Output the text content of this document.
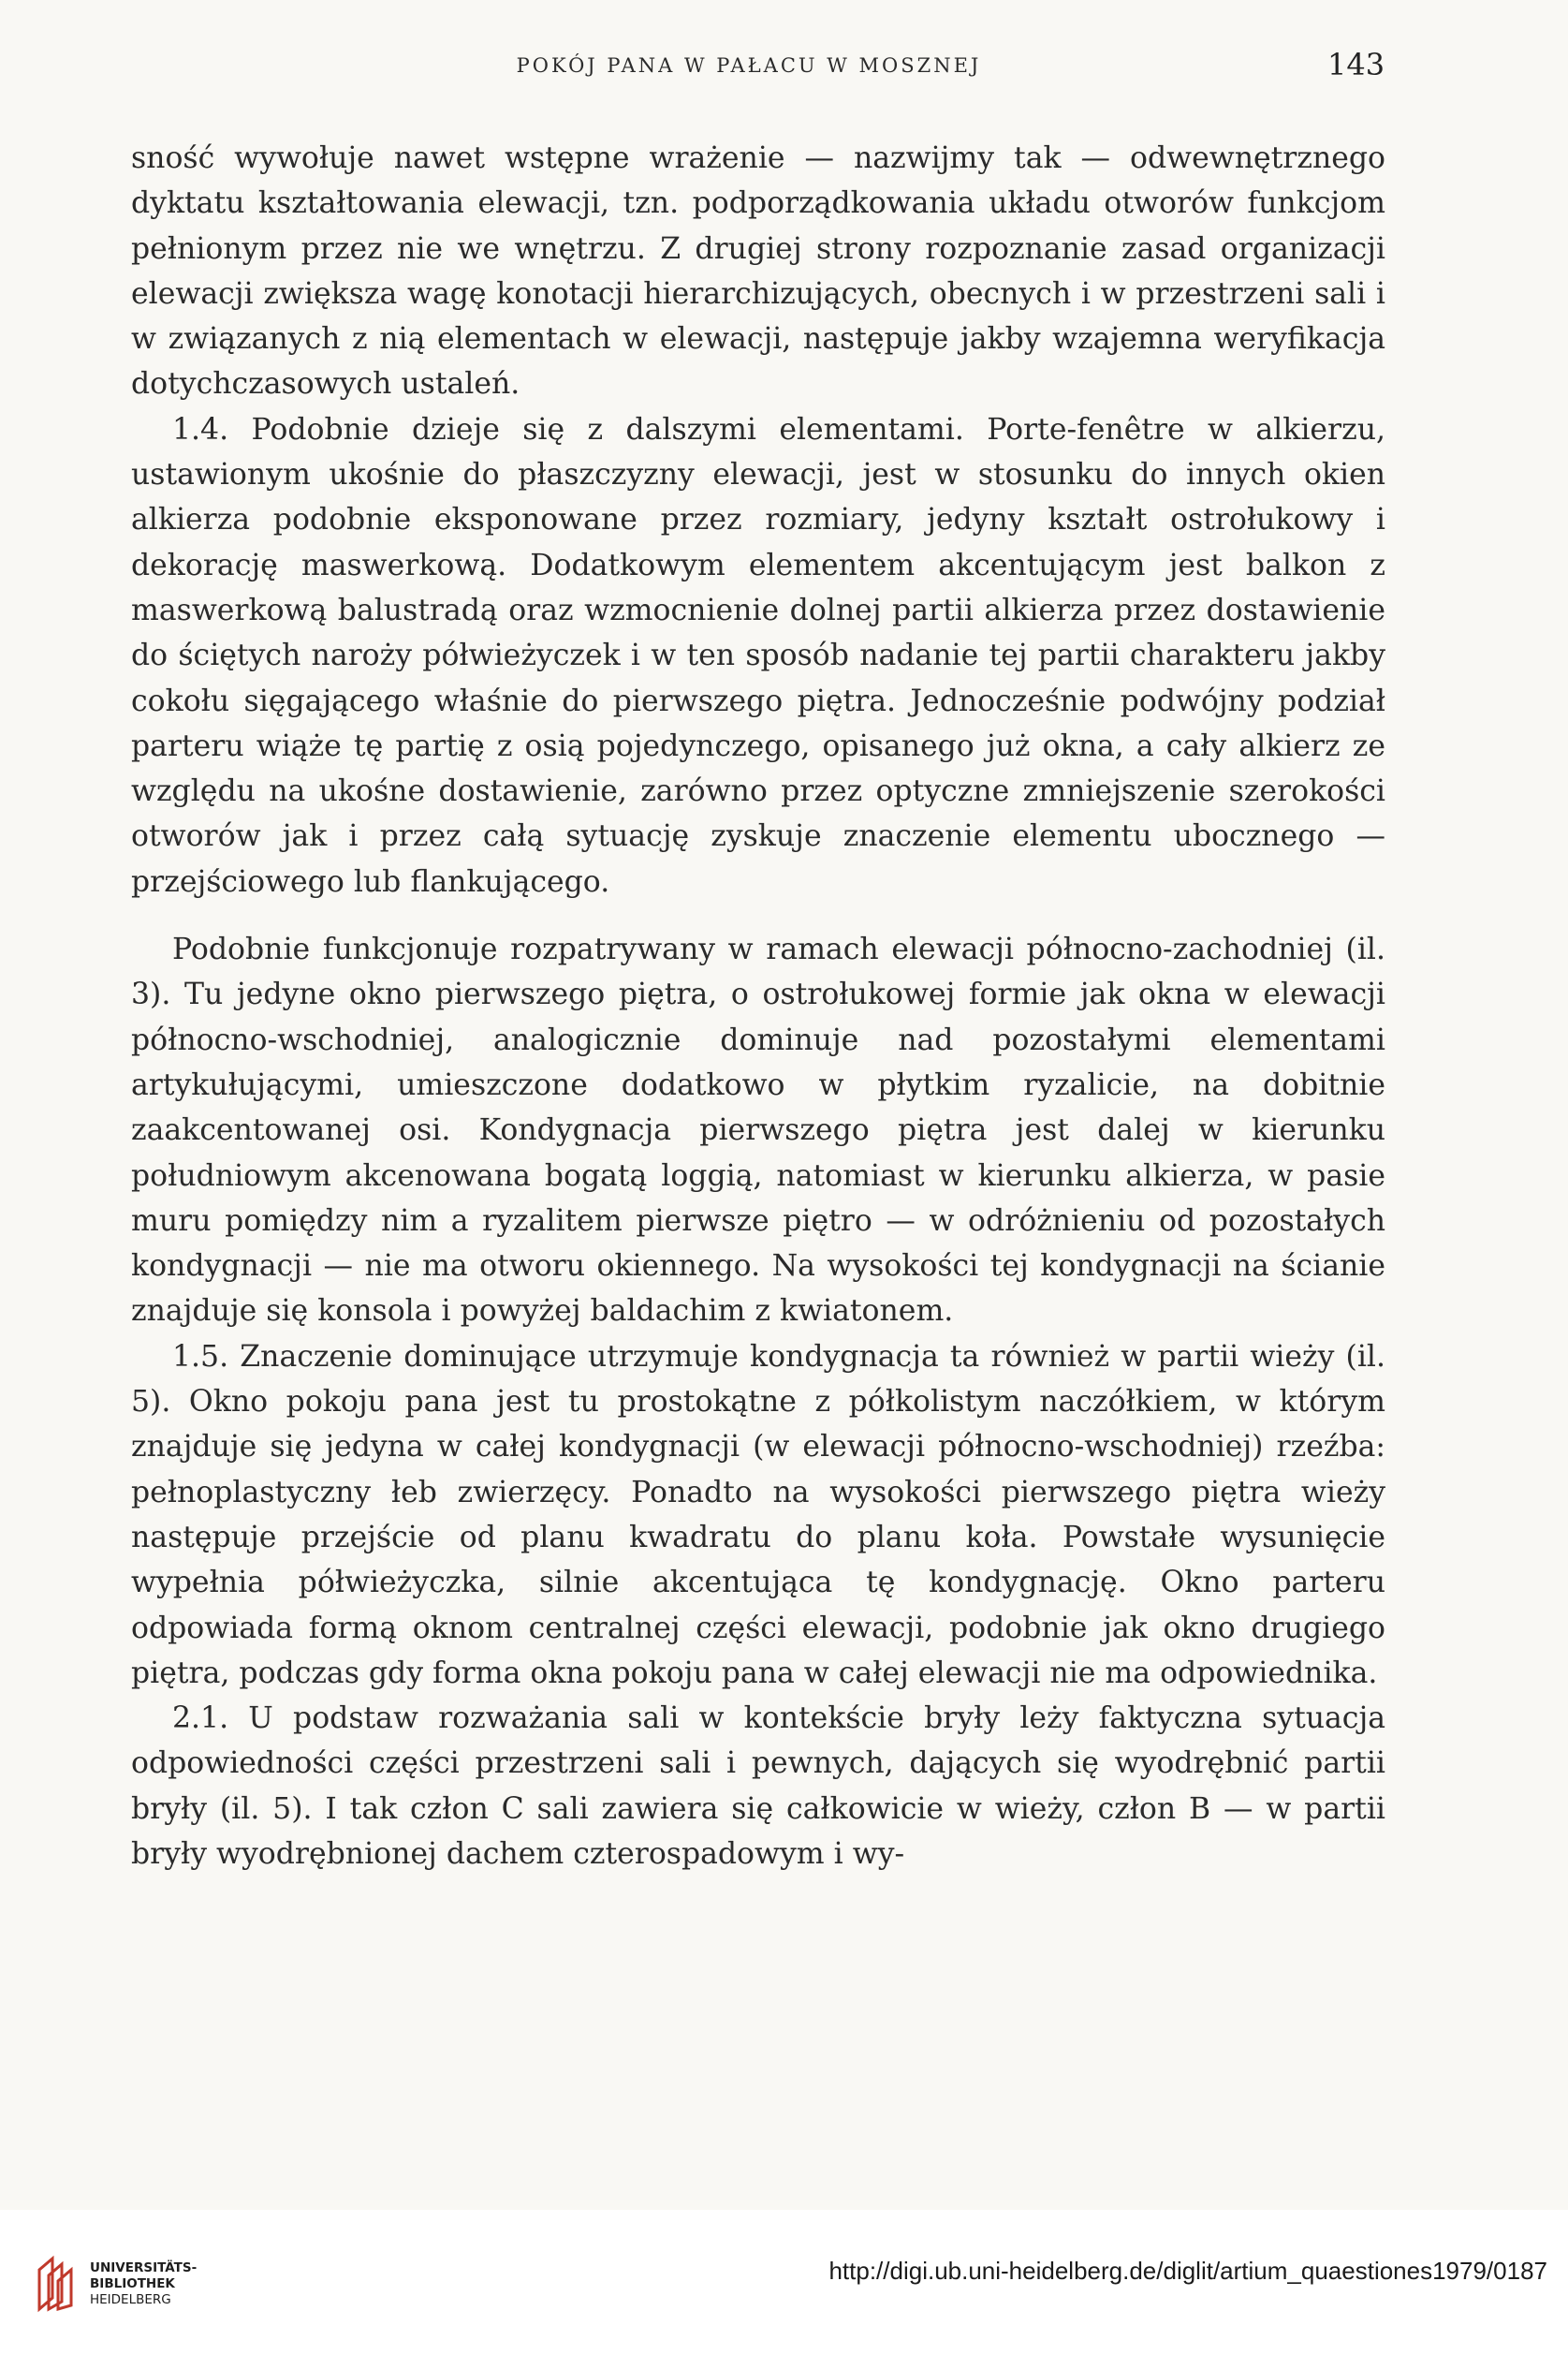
POKÓJ PANA W PAŁACU W MOSZNEJ	143

sność wywołuje nawet wstępne wrażenie — nazwijmy tak — odwewnętrznego dyktatu kształtowania elewacji, tzn. podporządkowania układu otworów funkcjom pełnionym przez nie we wnętrzu. Z drugiej strony rozpoznanie zasad organizacji elewacji zwiększa wagę konotacji hierarchizujących, obecnych i w przestrzeni sali i w związanych z nią elementach w elewacji, następuje jakby wzajemna weryfikacja dotychczasowych ustaleń.

1.4. Podobnie dzieje się z dalszymi elementami. Porte-fenêtre w alkierzu, ustawionym ukośnie do płaszczyzny elewacji, jest w stosunku do innych okien alkierza podobnie eksponowane przez rozmiary, jedyny kształt ostrołukowy i dekorację maswerkową. Dodatkowym elementem akcentującym jest balkon z maswerkową balustradą oraz wzmocnienie dolnej partii alkierza przez dostawienie do ściętych naroży półwieżyczek i w ten sposób nadanie tej partii charakteru jakby cokołu sięgającego właśnie do pierwszego piętra. Jednocześnie podwójny podział parteru wiąże tę partię z osią pojedynczego, opisanego już okna, a cały alkierz ze względu na ukośne dostawienie, zarówno przez optyczne zmniejszenie szerokości otworów jak i przez całą sytuację zyskuje znaczenie elementu ubocznego — przejściowego lub flankującego.

Podobnie funkcjonuje rozpatrywany w ramach elewacji północno-zachodniej (il. 3). Tu jedyne okno pierwszego piętra, o ostrołukowej formie jak okna w elewacji północno-wschodniej, analogicznie dominuje nad pozostałymi elementami artykułującymi, umieszczone dodatkowo w płytkim ryzalicie, na dobitnie zaakcentowanej osi. Kondygnacja pierwszego piętra jest dalej w kierunku południowym akcenowana bogatą loggią, natomiast w kierunku alkierza, w pasie muru pomiędzy nim a ryzalitem pierwsze piętro — w odróżnieniu od pozostałych kondygnacji — nie ma otworu okiennego. Na wysokości tej kondygnacji na ścianie znajduje się konsola i powyżej baldachim z kwiatonem.

1.5. Znaczenie dominujące utrzymuje kondygnacja ta również w partii wieży (il. 5). Okno pokoju pana jest tu prostokątne z półkolistym naczółkiem, w którym znajduje się jedyna w całej kondygnacji (w elewacji północno-wschodniej) rzeźba: pełnoplastyczny łeb zwierzęcy. Ponadto na wysokości pierwszego piętra wieży następuje przejście od planu kwadratu do planu koła. Powstałe wysunięcie wypełnia półwieżyczka, silnie akcentująca tę kondygnację. Okno parteru odpowiada formą oknom centralnej części elewacji, podobnie jak okno drugiego piętra, podczas gdy forma okna pokoju pana w całej elewacji nie ma odpowiednika.

2.1. U podstaw rozważania sali w kontekście bryły leży faktyczna sytuacja odpowiedności części przestrzeni sali i pewnych, dających się wyodrębnić partii bryły (il. 5). I tak człon C sali zawiera się całkowicie w wieży, człon B — w partii bryły wyodrębnionej dachem czterospadowym i wy-

UNIVERSITÄTS-
BIBLIOTHEK
HEIDELBERG
http://digi.ub.uni-heidelberg.de/diglit/artium_quaestiones1979/0187
